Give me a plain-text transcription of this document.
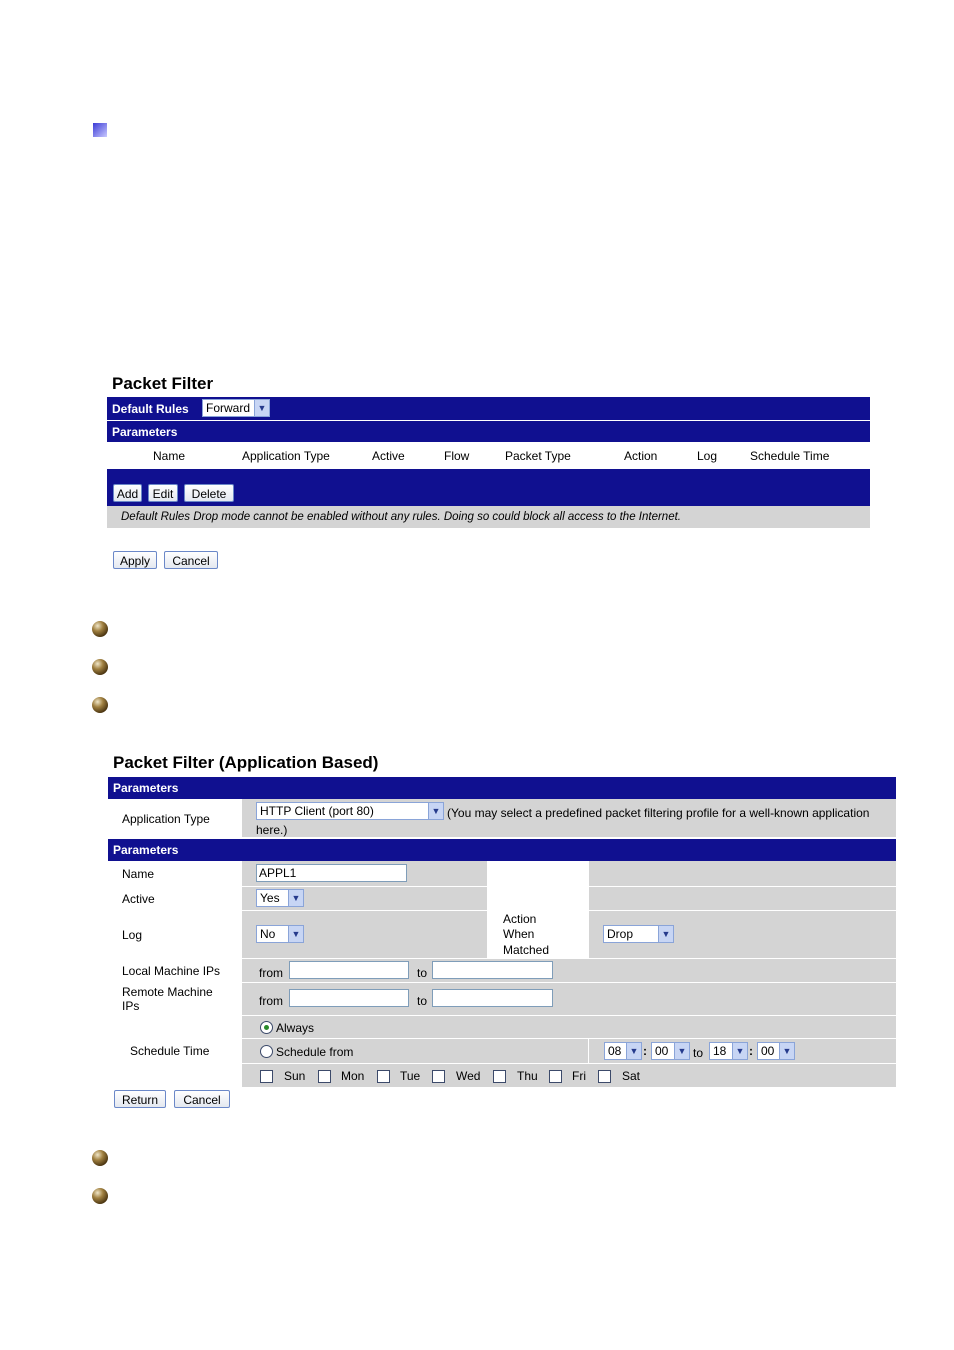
Packet Filter
Default Rules	Forward ▼
Parameters
Name	Application Type	Active	Flow	Packet Type	Action	Log	Schedule Time
Add	Edit	Delete
Default Rules Drop mode cannot be enabled without any rules. Doing so could block all access to the Internet.
Apply	Cancel
Packet Filter (Application Based)
Parameters
Application Type
HTTP Client (port 80)	▼ (You may select a predefined packet filtering profile for a well-known application
here.)
Parameters
Name	APPL1
Action
When
Matched
Active	Yes	▼
Log	No	▼	Drop	▼
Local Machine IPs	from	to
Remote Machine
IPs	from	to
Schedule Time
Always
Schedule from	08 ▼ : 00	▼ to 18	▼ : 00 ▼
Sun	Mon	Tue	Wed	Thu	Fri	Sat
Return	Cancel
